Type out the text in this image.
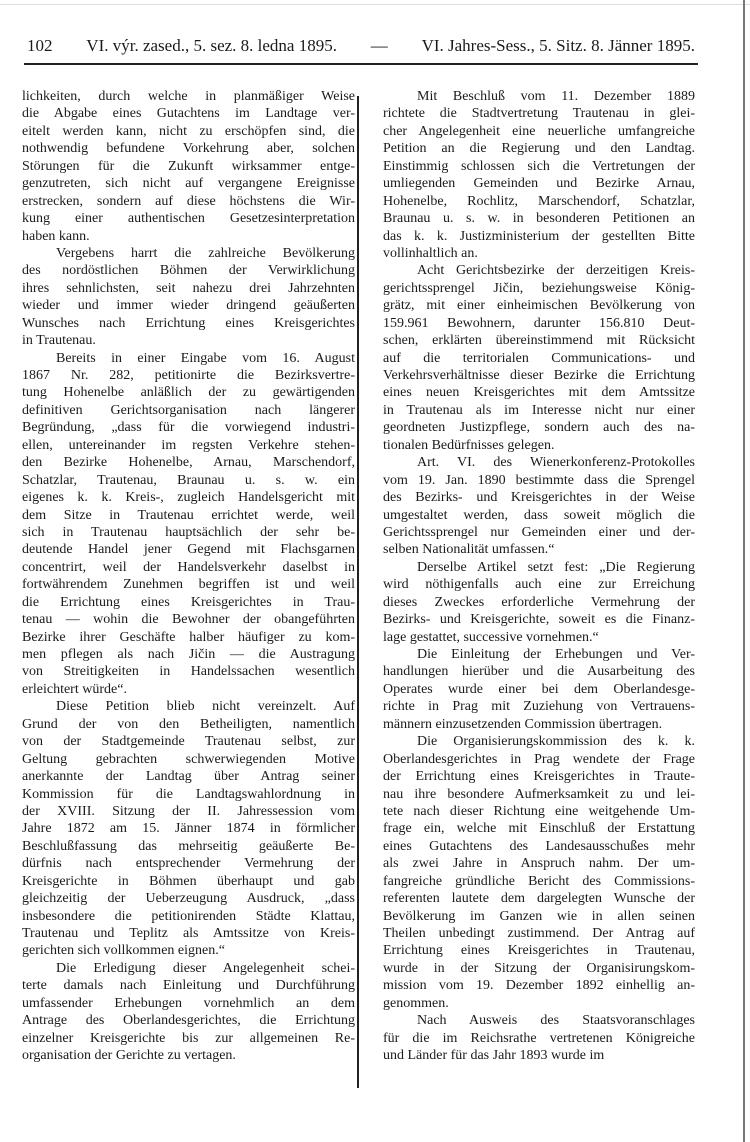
102 VI. výr. zased., 5. sez. 8. ledna 1895. — VI. Jahres-Sess., 5. Sitz. 8. Jänner 1895.
lichkeiten, durch welche in planmäßiger Weise
die Abgabe eines Gutachtens im Landtage ver-
eitelt werden kann, nicht zu erschöpfen sind, die
nothwendig befundene Vorkehrung aber, solchen
Störungen für die Zukunft wirksammer entge-
genzutreten, sich nicht auf vergangene Ereignisse
erstrecken, sondern auf diese höchstens die Wir-
kung einer authentischen Gesetzesinterpretation
haben kann.
Vergebens harrt die zahlreiche Bevölkerung
des nordöstlichen Böhmen der Verwirklichung
ihres sehnlichsten, seit nahezu drei Jahrzehnten
wieder und immer wieder dringend geäußerten
Wunsches nach Errichtung eines Kreisgerichtes
in Trautenau.
Bereits in einer Eingabe vom 16. August
1867 Nr. 282, petitionirte die Bezirksvertre-
tung Hohenelbe anläßlich der zu gewärtigenden
definitiven Gerichtsorganisation nach längerer
Begründung, „dass für die vorwiegend industri-
ellen, untereinander im regsten Verkehre stehen-
den Bezirke Hohenelbe, Arnau, Marschendorf,
Schatzlar, Trautenau, Braunau u. s. w. ein
eigenes k. k. Kreis-, zugleich Handelsgericht mit
dem Sitze in Trautenau errichtet werde, weil
sich in Trautenau hauptsächlich der sehr be-
deutende Handel jener Gegend mit Flachsgarnen
concentrirt, weil der Handelsverkehr daselbst in
fortwährendem Zunehmen begriffen ist und weil
die Errichtung eines Kreisgerichtes in Trau-
tenau — wohin die Bewohner der obangeführten
Bezirke ihrer Geschäfte halber häufiger zu kom-
men pflegen als nach Jičin — die Austragung
von Streitigkeiten in Handelssachen wesentlich
erleichtert würde“.
Diese Petition blieb nicht vereinzelt. Auf
Grund der von den Betheiligten, namentlich
von der Stadtgemeinde Trautenau selbst, zur
Geltung gebrachten schwerwiegenden Motive
anerkannte der Landtag über Antrag seiner
Kommission für die Landtagswahlordnung in
der XVIII. Sitzung der II. Jahressession vom
Jahre 1872 am 15. Jänner 1874 in förmlicher
Beschlußfassung das mehrseitig geäußerte Be-
dürfnis nach entsprechender Vermehrung der
Kreisgerichte in Böhmen überhaupt und gab
gleichzeitig der Ueberzeugung Ausdruck, „dass
insbesondere die petitionirenden Städte Klattau,
Trautenau und Teplitz als Amtssitze von Kreis-
gerichten sich vollkommen eignen.“
Die Erledigung dieser Angelegenheit schei-
terte damals nach Einleitung und Durchführung
umfassender Erhebungen vornehmlich an dem
Antrage des Oberlandesgerichtes, die Errichtung
einzelner Kreisgerichte bis zur allgemeinen Re-
organisation der Gerichte zu vertagen.
Mit Beschluß vom 11. Dezember 1889
richtete die Stadtvertretung Trautenau in glei-
cher Angelegenheit eine neuerliche umfangreiche
Petition an die Regierung und den Landtag.
Einstimmig schlossen sich die Vertretungen der
umliegenden Gemeinden und Bezirke Arnau,
Hohenelbe, Rochlitz, Marschendorf, Schatzlar,
Braunau u. s. w. in besonderen Petitionen an
das k. k. Justizministerium der gestellten Bitte
vollinhaltlich an.
Acht Gerichtsbezirke der derzeitigen Kreis-
gerichtssprengel Jičin, beziehungsweise König-
grätz, mit einer einheimischen Bevölkerung von
159.961 Bewohnern, darunter 156.810 Deut-
schen, erklärten übereinstimmend mit Rücksicht
auf die territorialen Communications- und
Verkehrsverhältnisse dieser Bezirke die Errichtung
eines neuen Kreisgerichtes mit dem Amtssitze
in Trautenau als im Interesse nicht nur einer
geordneten Justizpflege, sondern auch des na-
tionalen Bedürfnisses gelegen.
Art. VI. des Wienerkonferenz-Protokolles
vom 19. Jan. 1890 bestimmte dass die Sprengel
des Bezirks- und Kreisgerichtes in der Weise
umgestaltet werden, dass soweit möglich die
Gerichtssprengel nur Gemeinden einer und der-
selben Nationalität umfassen.“
Derselbe Artikel setzt fest: „Die Regierung
wird nöthigenfalls auch eine zur Erreichung
dieses Zweckes erforderliche Vermehrung der
Bezirks- und Kreisgerichte, soweit es die Finanz-
lage gestattet, successive vornehmen.“
Die Einleitung der Erhebungen und Ver-
handlungen hierüber und die Ausarbeitung des
Operates wurde einer bei dem Oberlandesge-
richte in Prag mit Zuziehung von Vertrauens-
männern einzusetzenden Commission übertragen.
Die Organisierungskommission des k. k.
Oberlandesgerichtes in Prag wendete der Frage
der Errichtung eines Kreisgerichtes in Traute-
nau ihre besondere Aufmerksamkeit zu und lei-
tete nach dieser Richtung eine weitgehende Um-
frage ein, welche mit Einschluß der Erstattung
eines Gutachtens des Landesausschußes mehr
als zwei Jahre in Anspruch nahm. Der um-
fangreiche gründliche Bericht des Commissions-
referenten lautete dem dargelegten Wunsche der
Bevölkerung im Ganzen wie in allen seinen
Theilen unbedingt zustimmend. Der Antrag auf
Errichtung eines Kreisgerichtes in Trautenau,
wurde in der Sitzung der Organisirungskom-
mission vom 19. Dezember 1892 einhellig an-
genommen.
Nach Ausweis des Staatsvoranschlages
für die im Reichsrathe vertretenen Königreiche
und Länder für das Jahr 1893 wurde im
